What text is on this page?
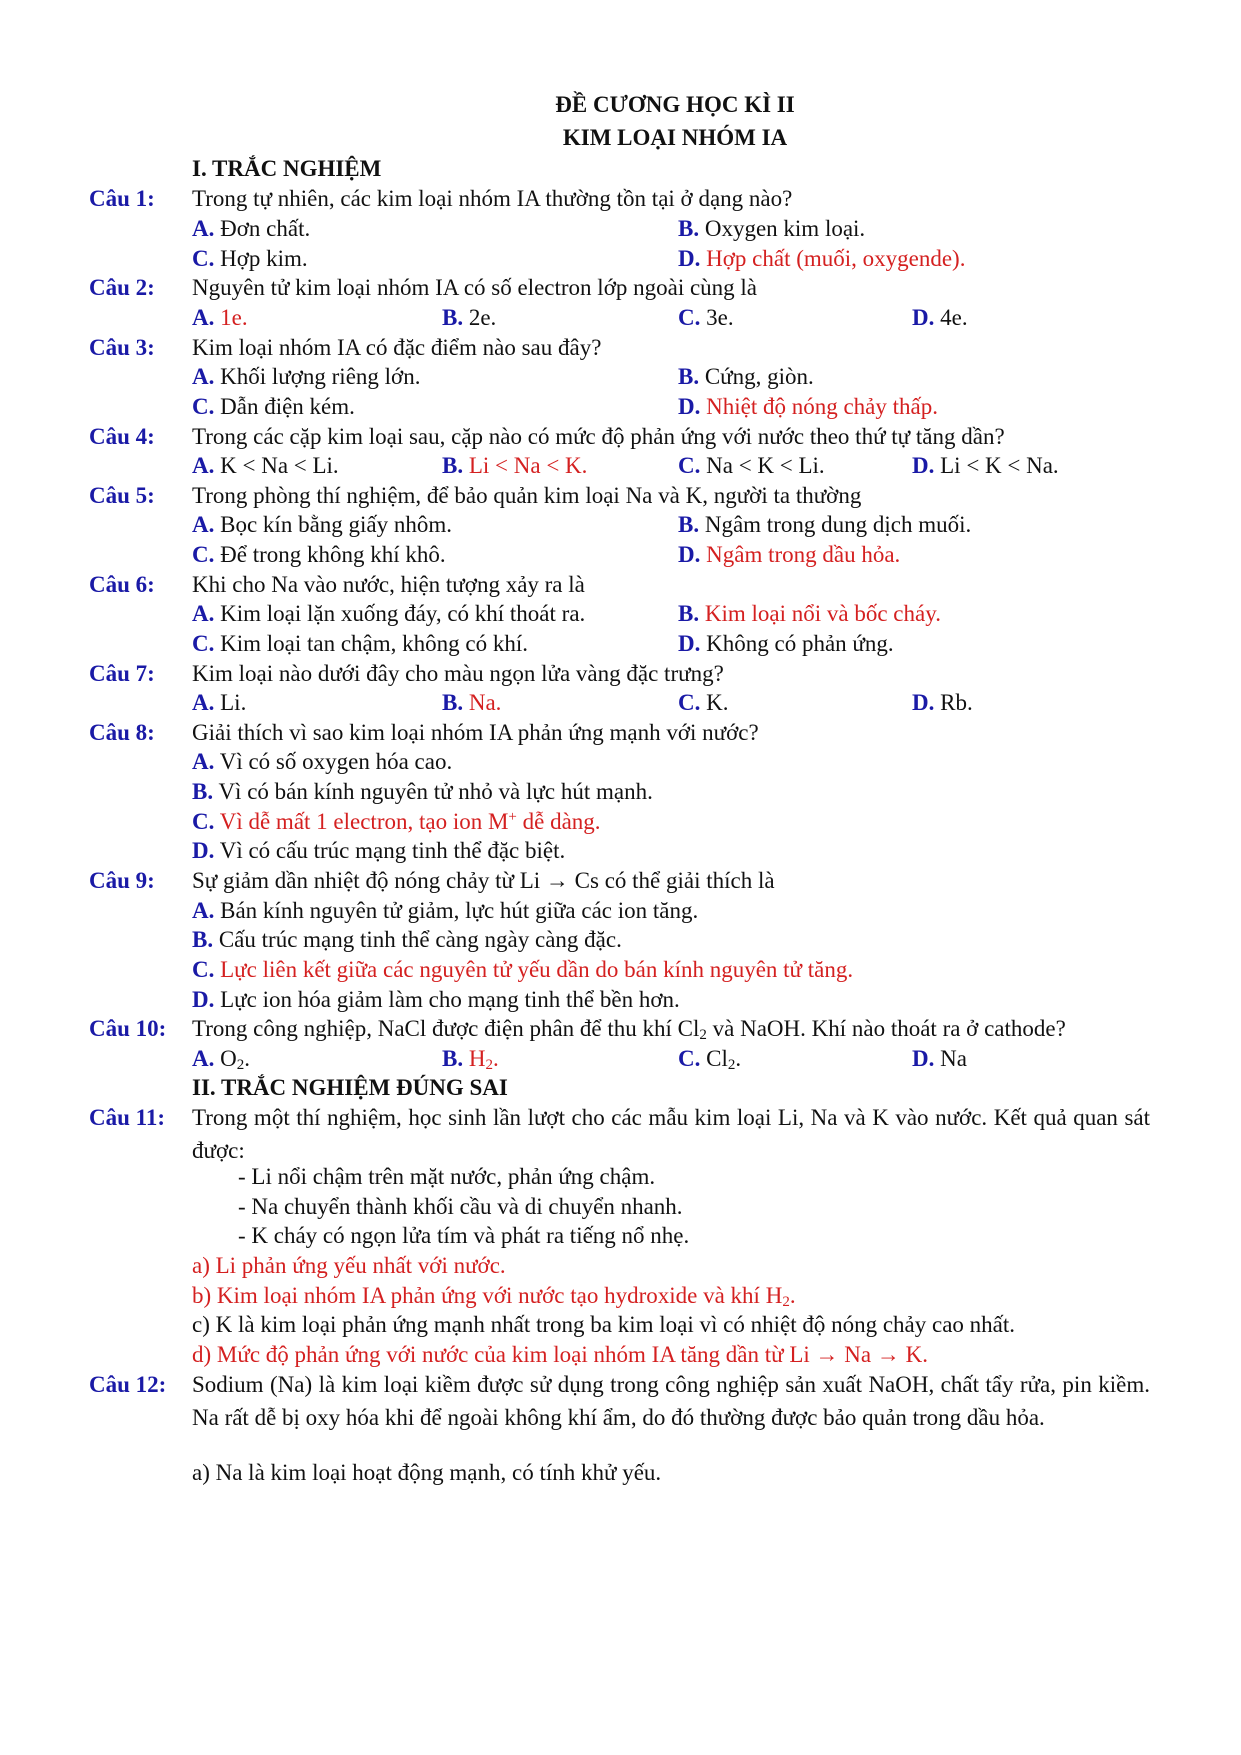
ĐỀ CƯƠNG HỌC KÌ II
KIM LOẠI NHÓM IA
I. TRẮC NGHIỆM
Câu 1: Trong tự nhiên, các kim loại nhóm IA thường tồn tại ở dạng nào?
A. Đơn chất.	B. Oxygen kim loại.
C. Hợp kim.	D. Hợp chất (muối, oxygende).
Câu 2: Nguyên tử kim loại nhóm IA có số electron lớp ngoài cùng là
A. 1e.	B. 2e.	C. 3e.	D. 4e.
Câu 3: Kim loại nhóm IA có đặc điểm nào sau đây?
A. Khối lượng riêng lớn.	B. Cứng, giòn.
C. Dẫn điện kém.	D. Nhiệt độ nóng chảy thấp.
Câu 4: Trong các cặp kim loại sau, cặp nào có mức độ phản ứng với nước theo thứ tự tăng dần?
A. K < Na < Li.	B. Li < Na < K.	C. Na < K < Li.	D. Li < K < Na.
Câu 5: Trong phòng thí nghiệm, để bảo quản kim loại Na và K, người ta thường
A. Bọc kín bằng giấy nhôm.	B. Ngâm trong dung dịch muối.
C. Để trong không khí khô.	D. Ngâm trong dầu hỏa.
Câu 6: Khi cho Na vào nước, hiện tượng xảy ra là
A. Kim loại lặn xuống đáy, có khí thoát ra.	B. Kim loại nổi và bốc cháy.
C. Kim loại tan chậm, không có khí.	D. Không có phản ứng.
Câu 7: Kim loại nào dưới đây cho màu ngọn lửa vàng đặc trưng?
A. Li.	B. Na.	C. K.	D. Rb.
Câu 8: Giải thích vì sao kim loại nhóm IA phản ứng mạnh với nước?
A. Vì có số oxygen hóa cao.
B. Vì có bán kính nguyên tử nhỏ và lực hút mạnh.
C. Vì dễ mất 1 electron, tạo ion M+ dễ dàng.
D. Vì có cấu trúc mạng tinh thể đặc biệt.
Câu 9: Sự giảm dần nhiệt độ nóng chảy từ Li → Cs có thể giải thích là
A. Bán kính nguyên tử giảm, lực hút giữa các ion tăng.
B. Cấu trúc mạng tinh thể càng ngày càng đặc.
C. Lực liên kết giữa các nguyên tử yếu dần do bán kính nguyên tử tăng.
D. Lực ion hóa giảm làm cho mạng tinh thể bền hơn.
Câu 10: Trong công nghiệp, NaCl được điện phân để thu khí $Cl_2$ và NaOH. Khí nào thoát ra ở cathode?
A. $O_2$.	B. $H_2$.	C. $Cl_2$.	D. Na
II. TRẮC NGHIỆM ĐÚNG SAI
Câu 11: Trong một thí nghiệm, học sinh lần lượt cho các mẫu kim loại Li, Na và K vào nước. Kết quả quan sát được:
- Li nổi chậm trên mặt nước, phản ứng chậm.
- Na chuyển thành khối cầu và di chuyển nhanh.
- K cháy có ngọn lửa tím và phát ra tiếng nổ nhẹ.
a) Li phản ứng yếu nhất với nước.
b) Kim loại nhóm IA phản ứng với nước tạo hydroxide và khí $H_2$.
c) K là kim loại phản ứng mạnh nhất trong ba kim loại vì có nhiệt độ nóng chảy cao nhất.
d) Mức độ phản ứng với nước của kim loại nhóm IA tăng dần từ Li → Na → K.
Câu 12: Sodium (Na) là kim loại kiềm được sử dụng trong công nghiệp sản xuất NaOH, chất tẩy rửa, pin kiềm. Na rất dễ bị oxy hóa khi để ngoài không khí ẩm, do đó thường được bảo quản trong dầu hỏa.
a) Na là kim loại hoạt động mạnh, có tính khử yếu.
